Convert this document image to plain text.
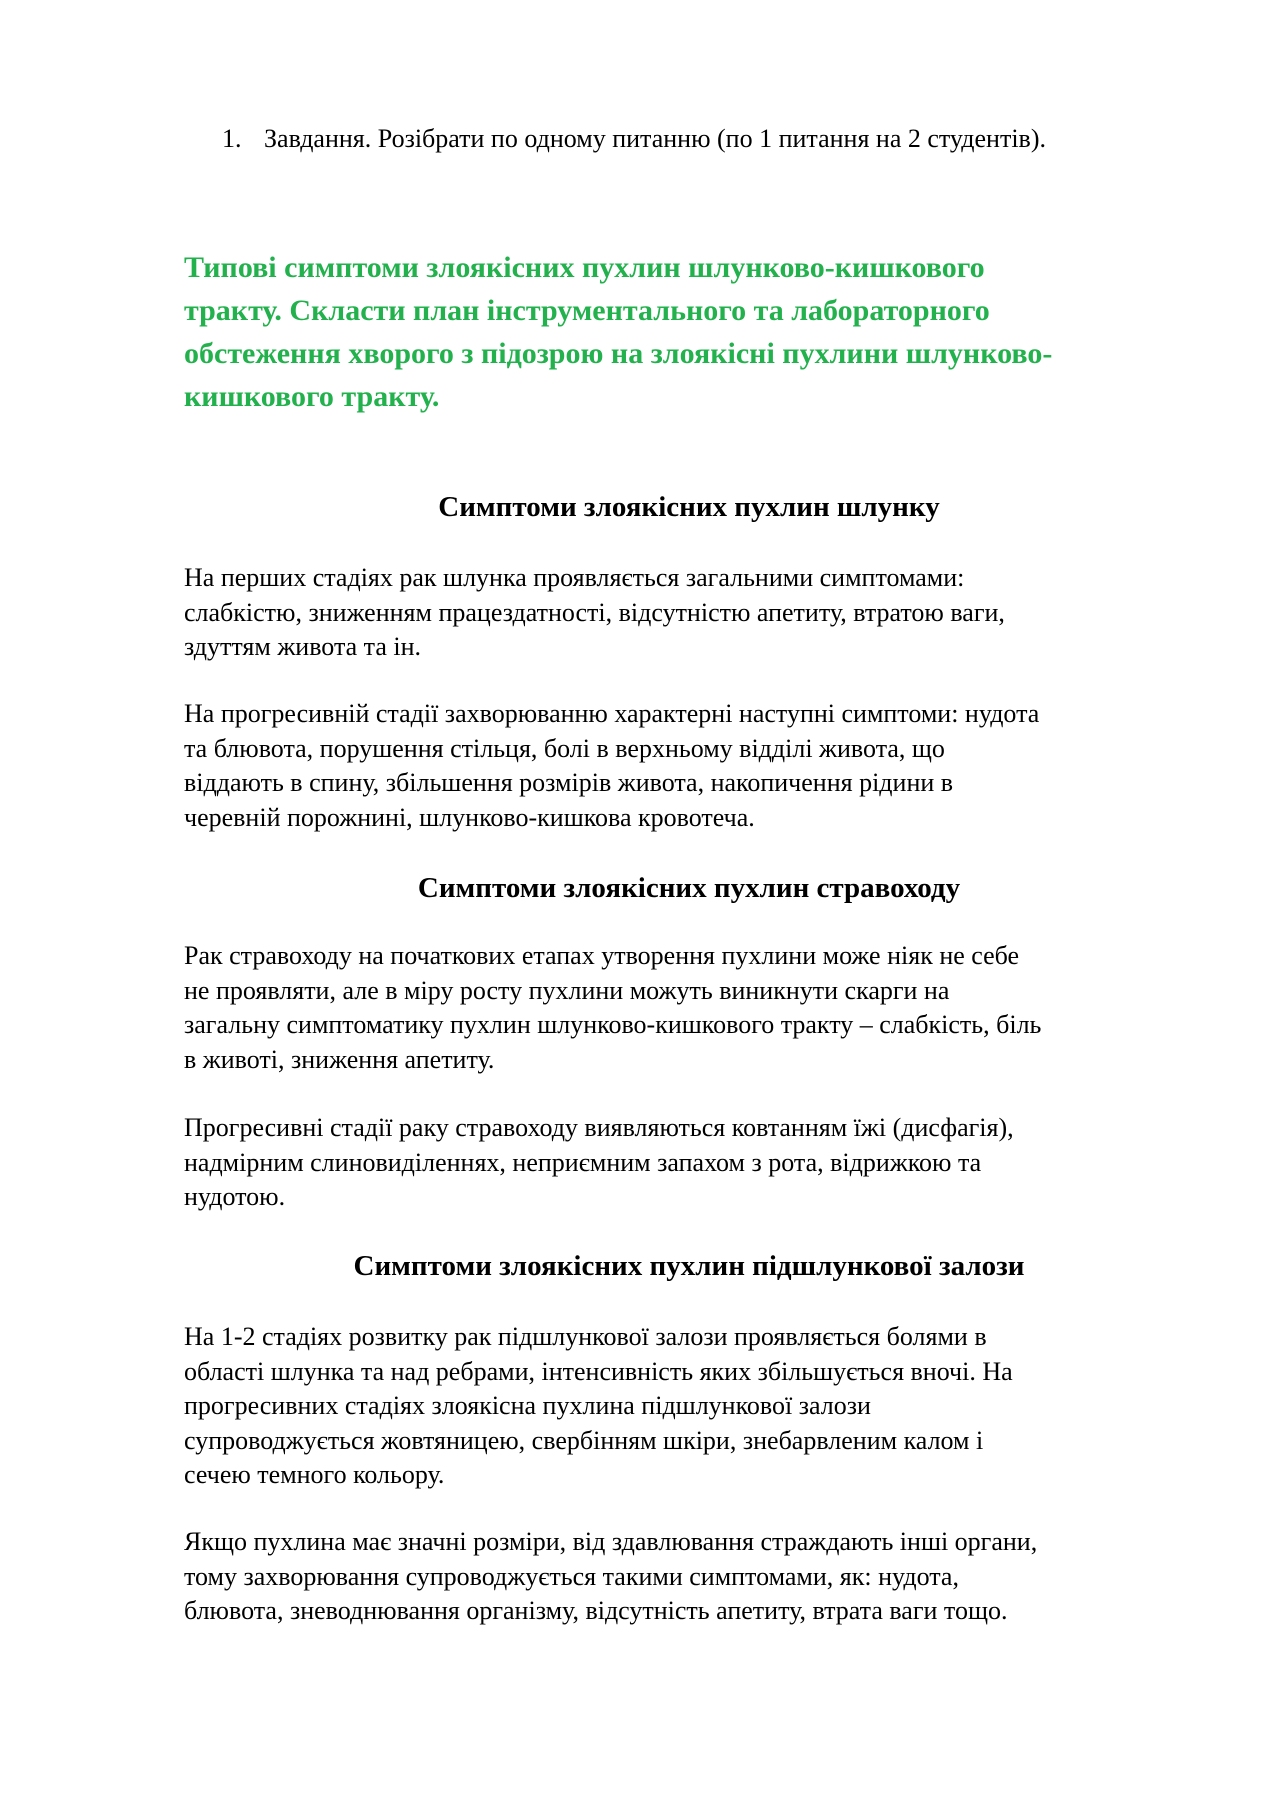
1. Завдання. Розібрати по одному питанню (по 1 питання на 2 студентів).
Типові симптоми злоякісних пухлин шлунково-кишкового
тракту. Скласти план інструментального та лабораторного
обстеження хворого з підозрою на злоякісні пухлини шлунково-
кишкового тракту.
Симптоми злоякісних пухлин шлунку
На перших стадіях рак шлунка проявляється загальними симптомами:
слабкістю, зниженням працездатності, відсутністю апетиту, втратою ваги,
здуттям живота та ін.
На прогресивній стадії захворюванню характерні наступні симптоми: нудота
та блювота, порушення стільця, болі в верхньому відділі живота, що
віддають в спину, збільшення розмірів живота, накопичення рідини в
черевній порожнині, шлунково-кишкова кровотеча.
Симптоми злоякісних пухлин стравоходу
Рак стравоходу на початкових етапах утворення пухлини може ніяк не себе
не проявляти, але в міру росту пухлини можуть виникнути скарги на
загальну симптоматику пухлин шлунково-кишкового тракту – слабкість, біль
в животі, зниження апетиту.
Прогресивні стадії раку стравоходу виявляються ковтанням їжі (дисфагія),
надмірним слиновиділеннях, неприємним запахом з рота, відрижкою та
нудотою.
Симптоми злоякісних пухлин підшлункової залози
На 1-2 стадіях розвитку рак підшлункової залози проявляється болями в
області шлунка та над ребрами, інтенсивність яких збільшується вночі. На
прогресивних стадіях злоякісна пухлина підшлункової залози
супроводжується жовтяницею, свербінням шкіри, знебарвленим калом і
сечею темного кольору.
Якщо пухлина має значні розміри, від здавлювання страждають інші органи,
тому захворювання супроводжується такими симптомами, як: нудота,
блювота, зневоднювання організму, відсутність апетиту, втрата ваги тощо.
